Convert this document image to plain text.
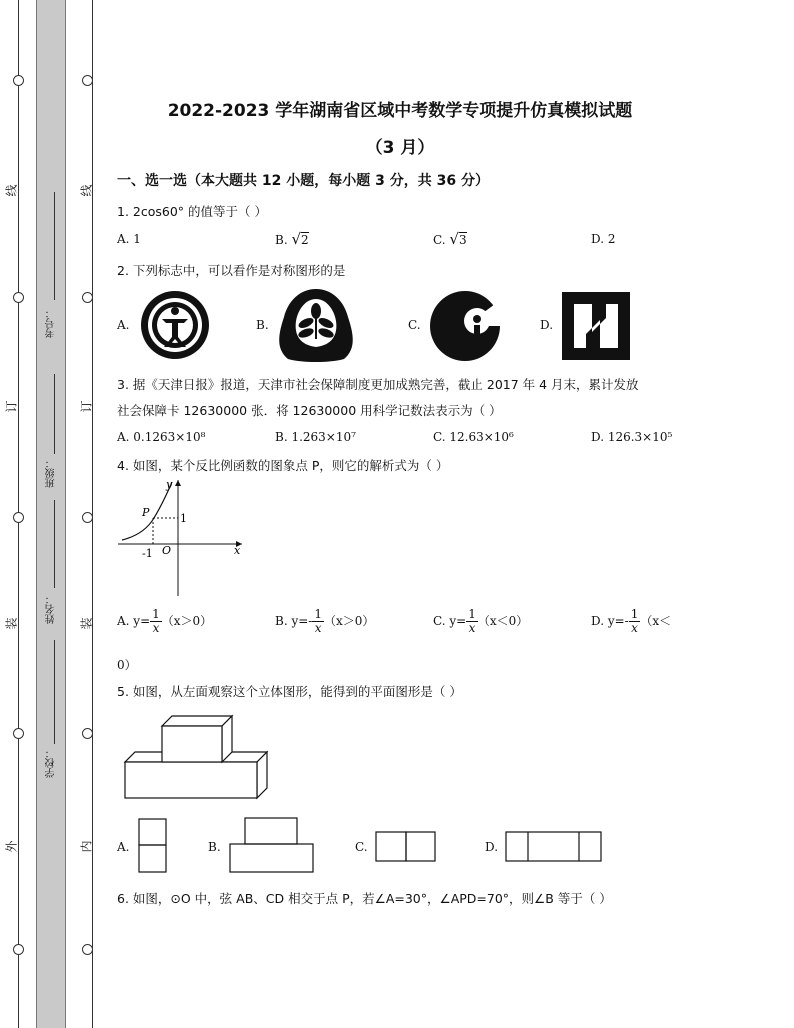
线
订
装
外
线
订
装
内
考号：
班级：
姓名：
学校：
2022-2023 学年湖南省区域中考数学专项提升仿真模拟试题
（3 月）
一、选一选（本大题共 12 小题，每小题 3 分，共 36 分）
1. 2cos60° 的值等于（ ）
A. 1	B. √2	C. √3	D. 2
2. 下列标志中，可以看作是对称图形的是
A.	B.	C.	D.
3. 据《天津日报》报道，天津市社会保障制度更加成熟完善，截止 2017 年 4 月末，累计发放
社会保障卡 12630000 张．将 12630000 用科学记数法表示为（ ）
A. 0.1263×10⁸	B. 1.263×10⁷	C. 12.63×10⁶	D. 126.3×10⁵
4. 如图，某个反比例函数的图象点 P，则它的解析式为（ ）
y
x
P	1
-1 O
A. $y= \frac{1}{x} (x>0)$	B. $y=- \frac{1}{x} (x>0)$	C. $y= \frac{1}{x} (x<0)$	D. $y=- \frac{1}{x} (x<$
0）
5. 如图，从左面观察这个立体图形，能得到的平面图形是（ ）
A.	B.	C.	D.
6. 如图，⊙O 中，弦 AB、CD 相交于点 P，若∠A=30°，∠APD=70°，则∠B 等于（ ）
